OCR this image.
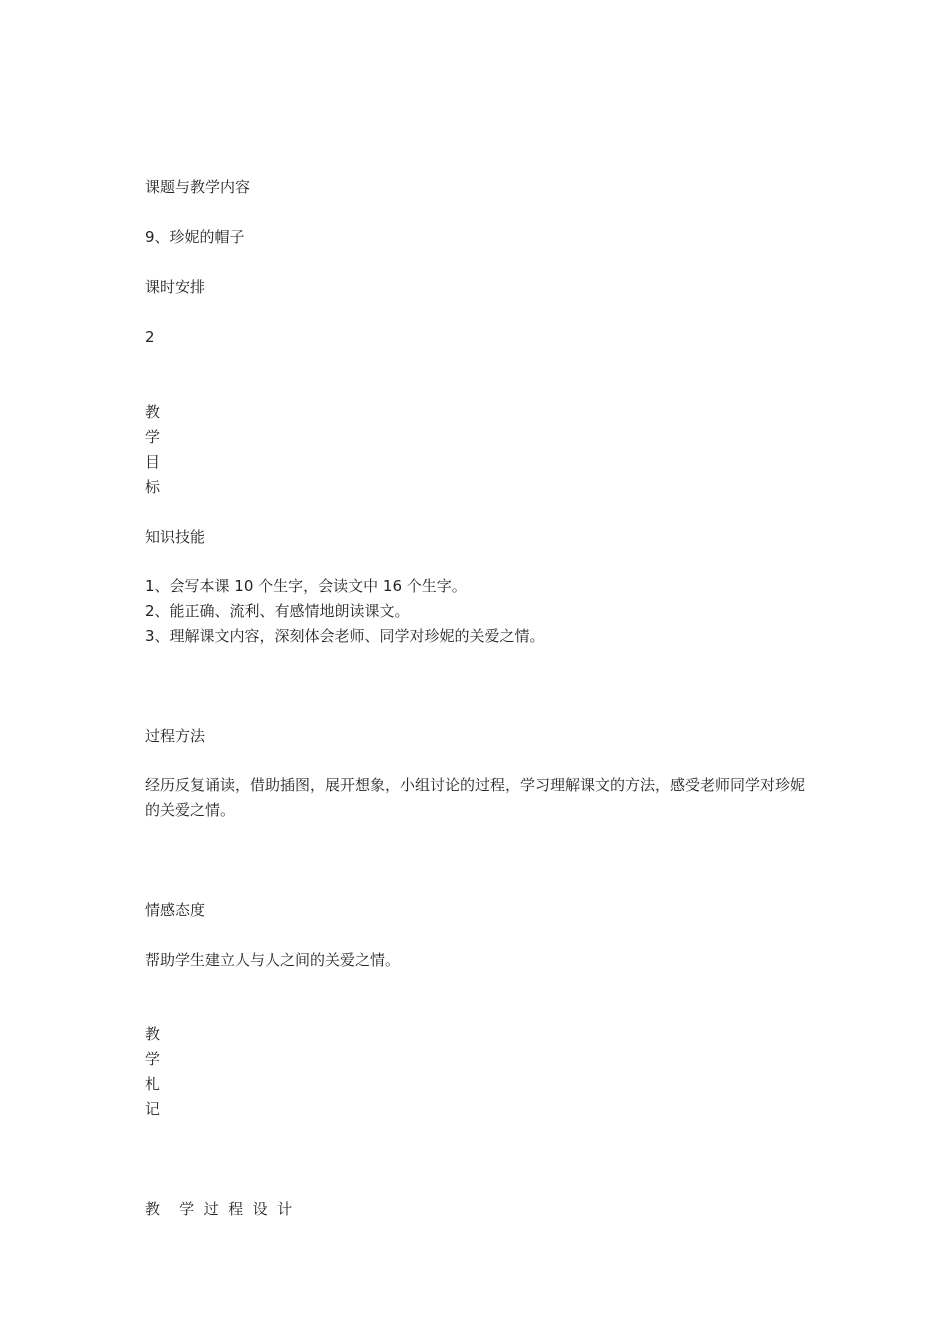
课题与教学内容

9、珍妮的帽子

课时安排

2

教
学
目
标

知识技能

1、会写本课 10 个生字，会读文中 16 个生字。
2、能正确、流利、有感情地朗读课文。
3、理解课文内容，深刻体会老师、同学对珍妮的关爱之情。

过程方法

经历反复诵读，借助插图，展开想象，小组讨论的过程，学习理解课文的方法，感受老师同学对珍妮的关爱之情。

情感态度

帮助学生建立人与人之间的关爱之情。

教
学
札
记

教    学  过  程  设  计
